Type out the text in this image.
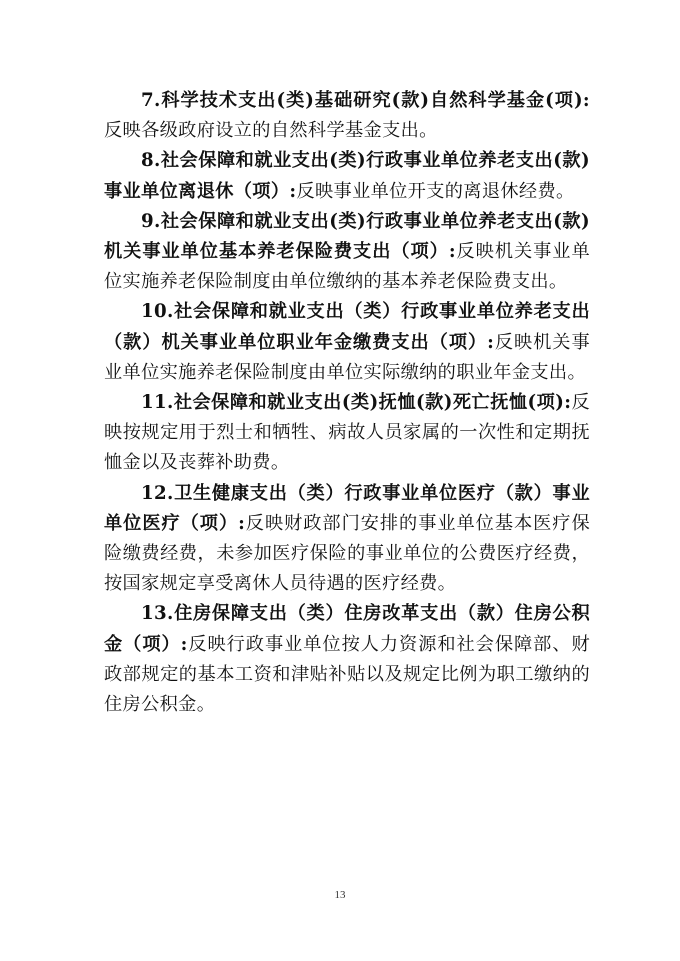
7.科学技术支出(类)基础研究(款)自然科学基金(项):反映各级政府设立的自然科学基金支出。

8.社会保障和就业支出(类)行政事业单位养老支出(款)事业单位离退休（项）:反映事业单位开支的离退休经费。

9.社会保障和就业支出(类)行政事业单位养老支出(款)机关事业单位基本养老保险费支出（项）:反映机关事业单位实施养老保险制度由单位缴纳的基本养老保险费支出。

10.社会保障和就业支出（类）行政事业单位养老支出（款）机关事业单位职业年金缴费支出（项）:反映机关事业单位实施养老保险制度由单位实际缴纳的职业年金支出。

11.社会保障和就业支出(类)抚恤(款)死亡抚恤(项):反映按规定用于烈士和牺牲、病故人员家属的一次性和定期抚恤金以及丧葬补助费。

12.卫生健康支出（类）行政事业单位医疗（款）事业单位医疗（项）:反映财政部门安排的事业单位基本医疗保险缴费经费，未参加医疗保险的事业单位的公费医疗经费，按国家规定享受离休人员待遇的医疗经费。

13.住房保障支出（类）住房改革支出（款）住房公积金（项）:反映行政事业单位按人力资源和社会保障部、财政部规定的基本工资和津贴补贴以及规定比例为职工缴纳的住房公积金。

13
